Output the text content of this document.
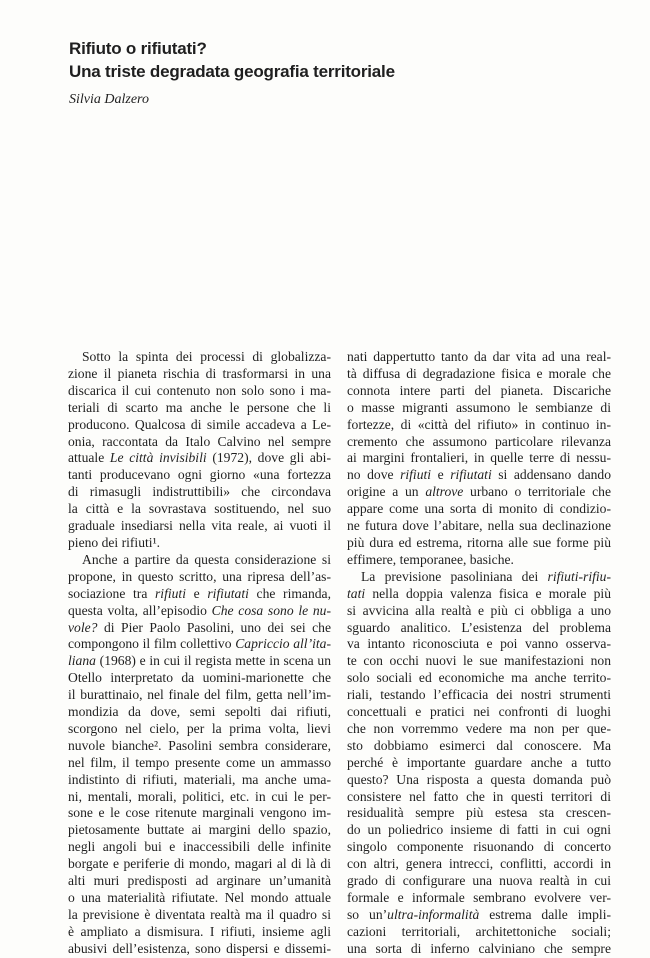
Rifiuto o rifiutati?
Una triste degradata geografia territoriale
Silvia Dalzero
Sotto la spinta dei processi di globalizza-
zione il pianeta rischia di trasformarsi in una
discarica il cui contenuto non solo sono i ma-
teriali di scarto ma anche le persone che li
producono. Qualcosa di simile accadeva a Le-
onia, raccontata da Italo Calvino nel sempre
attuale Le città invisibili (1972), dove gli abi-
tanti producevano ogni giorno «una fortezza
di rimasugli indistruttibili» che circondava
la città e la sovrastava sostituendo, nel suo
graduale insediarsi nella vita reale, ai vuoti il
pieno dei rifiuti¹.
Anche a partire da questa considerazione si
propone, in questo scritto, una ripresa dell’as-
sociazione tra rifiuti e rifiutati che rimanda,
questa volta, all’episodio Che cosa sono le nu-
vole? di Pier Paolo Pasolini, uno dei sei che
compongono il film collettivo Capriccio all’ita-
liana (1968) e in cui il regista mette in scena un
Otello interpretato da uomini-marionette che
il burattinaio, nel finale del film, getta nell’im-
mondizia da dove, semi sepolti dai rifiuti,
scorgono nel cielo, per la prima volta, lievi
nuvole bianche². Pasolini sembra considerare,
nel film, il tempo presente come un ammasso
indistinto di rifiuti, materiali, ma anche uma-
ni, mentali, morali, politici, etc. in cui le per-
sone e le cose ritenute marginali vengono im-
pietosamente buttate ai margini dello spazio,
negli angoli bui e inaccessibili delle infinite
borgate e periferie di mondo, magari al di là di
alti muri predisposti ad arginare un’umanità
o una materialità rifiutate. Nel mondo attuale
la previsione è diventata realtà ma il quadro si
è ampliato a dismisura. I rifiuti, insieme agli
abusivi dell’esistenza, sono dispersi e dissemi-
nati dappertutto tanto da dar vita ad una real-
tà diffusa di degradazione fisica e morale che
connota intere parti del pianeta. Discariche
o masse migranti assumono le sembianze di
fortezze, di «città del rifiuto» in continuo in-
cremento che assumono particolare rilevanza
ai margini frontalieri, in quelle terre di nessu-
no dove rifiuti e rifiutati si addensano dando
origine a un altrove urbano o territoriale che
appare come una sorta di monito di condizio-
ne futura dove l’abitare, nella sua declinazione
più dura ed estrema, ritorna alle sue forme più
effimere, temporanee, basiche.
La previsione pasoliniana dei rifiuti-rifiu-
tati nella doppia valenza fisica e morale più
si avvicina alla realtà e più ci obbliga a uno
sguardo analitico. L’esistenza del problema
va intanto riconosciuta e poi vanno osserva-
te con occhi nuovi le sue manifestazioni non
solo sociali ed economiche ma anche territo-
riali, testando l’efficacia dei nostri strumenti
concettuali e pratici nei confronti di luoghi
che non vorremmo vedere ma non per que-
sto dobbiamo esimerci dal conoscere. Ma
perché è importante guardare anche a tutto
questo? Una risposta a questa domanda può
consistere nel fatto che in questi territori di
residualità sempre più estesa sta crescen-
do un poliedrico insieme di fatti in cui ogni
singolo componente risuonando di concerto
con altri, genera intrecci, conflitti, accordi in
grado di configurare una nuova realtà in cui
formale e informale sembrano evolvere ver-
so un’ultra-informalità estrema dalle impli-
cazioni territoriali, architettoniche sociali;
una sorta di inferno calviniano che sempre
